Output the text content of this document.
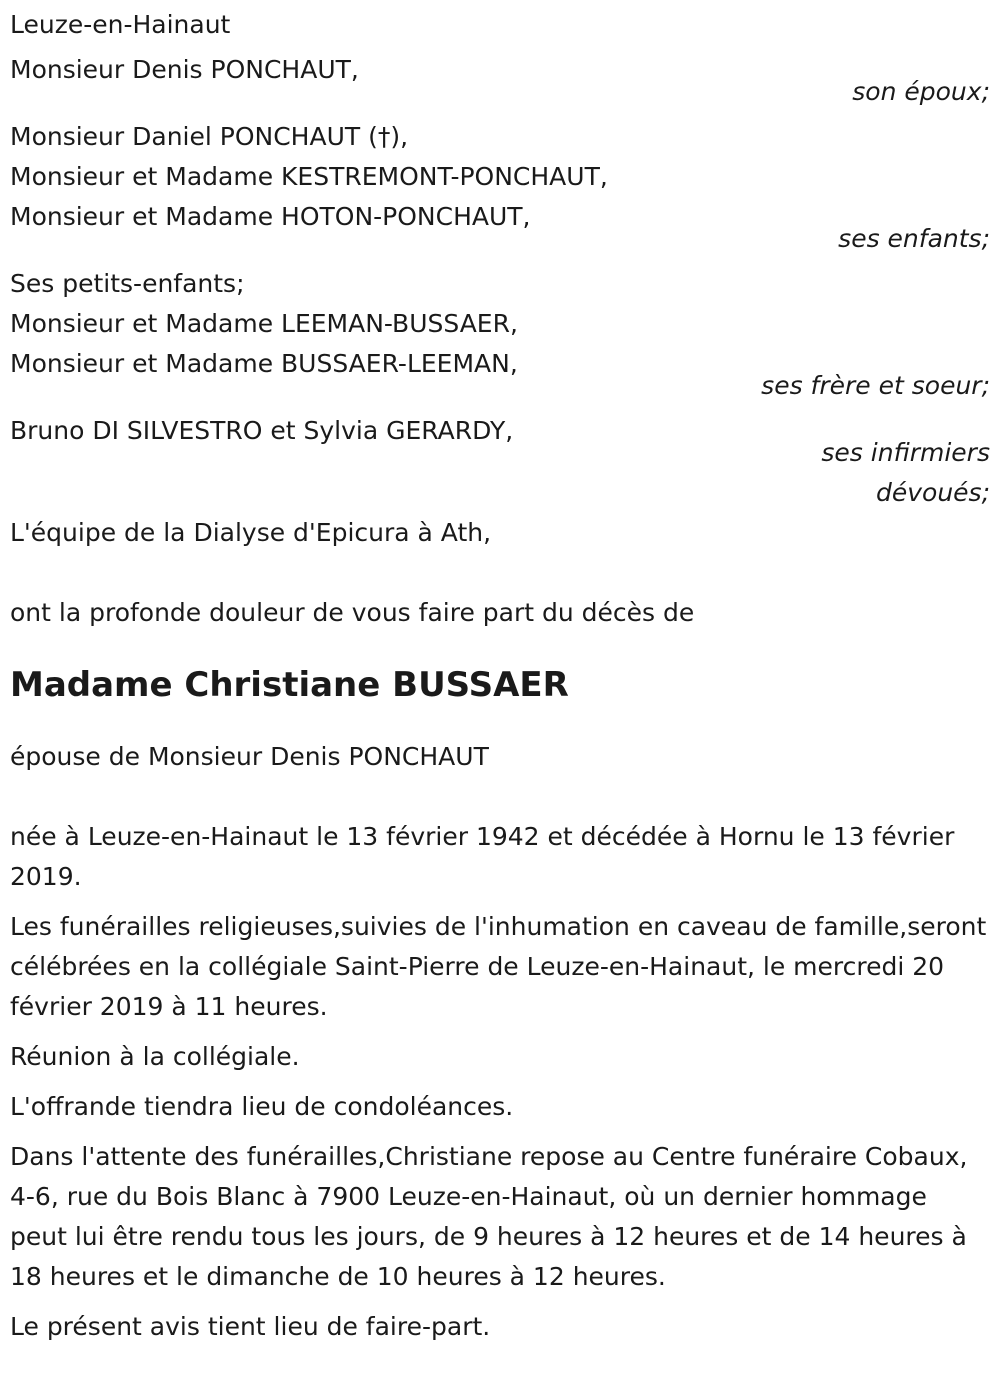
Leuze-en-Hainaut
Monsieur Denis PONCHAUT,
son époux;
Monsieur Daniel PONCHAUT (†),
Monsieur et Madame KESTREMONT-PONCHAUT,
Monsieur et Madame HOTON-PONCHAUT,
ses enfants;
Ses petits-enfants;
Monsieur et Madame LEEMAN-BUSSAER,
Monsieur et Madame BUSSAER-LEEMAN,
ses frère et soeur;
Bruno DI SILVESTRO et Sylvia GERARDY,
ses infirmiers
dévoués;
L'équipe de la Dialyse d'Epicura à Ath,
ont la profonde douleur de vous faire part du décès de
Madame Christiane BUSSAER
épouse de Monsieur Denis PONCHAUT

née à Leuze-en-Hainaut le 13 février 1942 et décédée à Hornu le 13 février 2019.

Les funérailles religieuses,suivies de l'inhumation en caveau de famille,seront célébrées en la collégiale Saint-Pierre de Leuze-en-Hainaut, le mercredi 20 février 2019 à 11 heures.

Réunion à la collégiale.

L'offrande tiendra lieu de condoléances.

Dans l'attente des funérailles,Christiane repose au Centre funéraire Cobaux, 4-6, rue du Bois Blanc à 7900 Leuze-en-Hainaut, où un dernier hommage peut lui être rendu tous les jours, de 9 heures à 12 heures et de 14 heures à 18 heures et le dimanche de 10 heures à 12 heures.

Le présent avis tient lieu de faire-part.
